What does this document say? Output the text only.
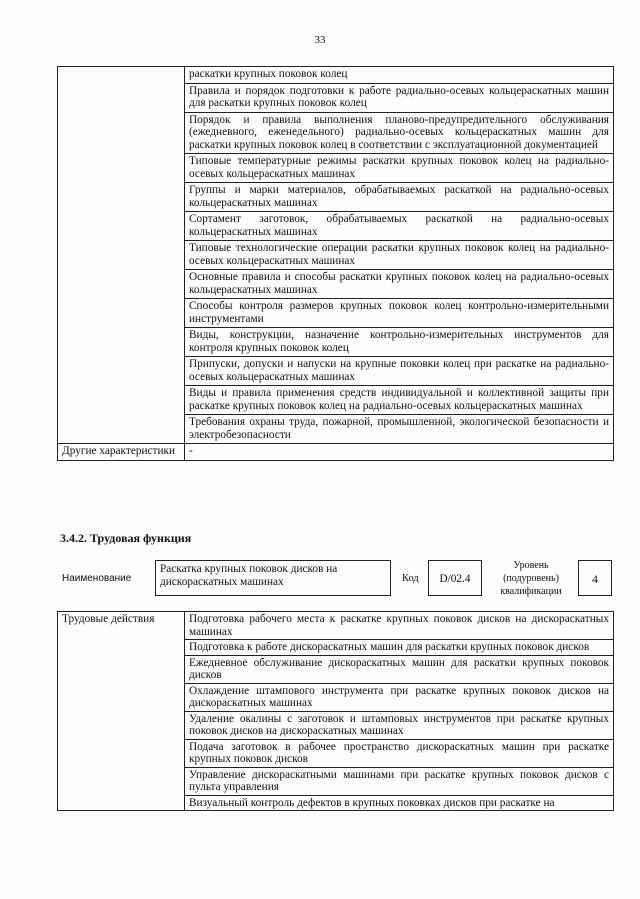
33
	раскатки крупных поковок колец
	Правила и порядок подготовки к работе радиально-осевых кольцераскатных машин для раскатки крупных поковок колец
	Порядок и правила выполнения планово-предупредительного обслуживания (ежедневного, еженедельного) радиально-осевых кольцераскатных машин для раскатки крупных поковок колец в соответствии с эксплуатационной документацией
	Типовые температурные режимы раскатки крупных поковок колец на радиально-осевых кольцераскатных машинах
	Группы и марки материалов, обрабатываемых раскаткой на радиально-осевых кольцераскатных машинах
	Сортамент заготовок, обрабатываемых раскаткой на радиально-осевых кольцераскатных машинах
	Типовые технологические операции раскатки крупных поковок колец на радиально-осевых кольцераскатных машинах
	Основные правила и способы раскатки крупных поковок колец на радиально-осевых кольцераскатных машинах
	Способы контроля размеров крупных поковок колец контрольно-измерительными инструментами
	Виды, конструкции, назначение контрольно-измерительных инструментов для контроля крупных поковок колец
	Припуски, допуски и напуски на крупные поковки колец при раскатке на радиально-осевых кольцераскатных машинах
	Виды и правила применения средств индивидуальной и коллективной защиты при раскатке крупных поковок колец на радиально-осевых кольцераскатных машинах
	Требования охраны труда, пожарной, промышленной, экологической безопасности и электробезопасности
Другие характеристики	-
3.4.2. Трудовая функция
Наименование
Раскатка крупных поковок дисков на дискораскатных машинах	Код	D/02.4
Уровень (подуровень) квалификации
4
Трудовые действия	Подготовка рабочего места к раскатке крупных поковок дисков на дискораскатных машинах
Подготовка к работе дискораскатных машин для раскатки крупных поковок дисков
Ежедневное обслуживание дискораскатных машин для раскатки крупных поковок дисков
Охлаждение штампового инструмента при раскатке крупных поковок дисков на дискораскатных машинах
Удаление окалины с заготовок и штамповых инструментов при раскатке крупных поковок дисков на дискораскатных машинах
Подача заготовок в рабочее пространство дискораскатных машин при раскатке крупных поковок дисков
Управление дискораскатными машинами при раскатке крупных поковок дисков с пульта управления
Визуальный контроль дефектов в крупных поковках дисков при раскатке на
